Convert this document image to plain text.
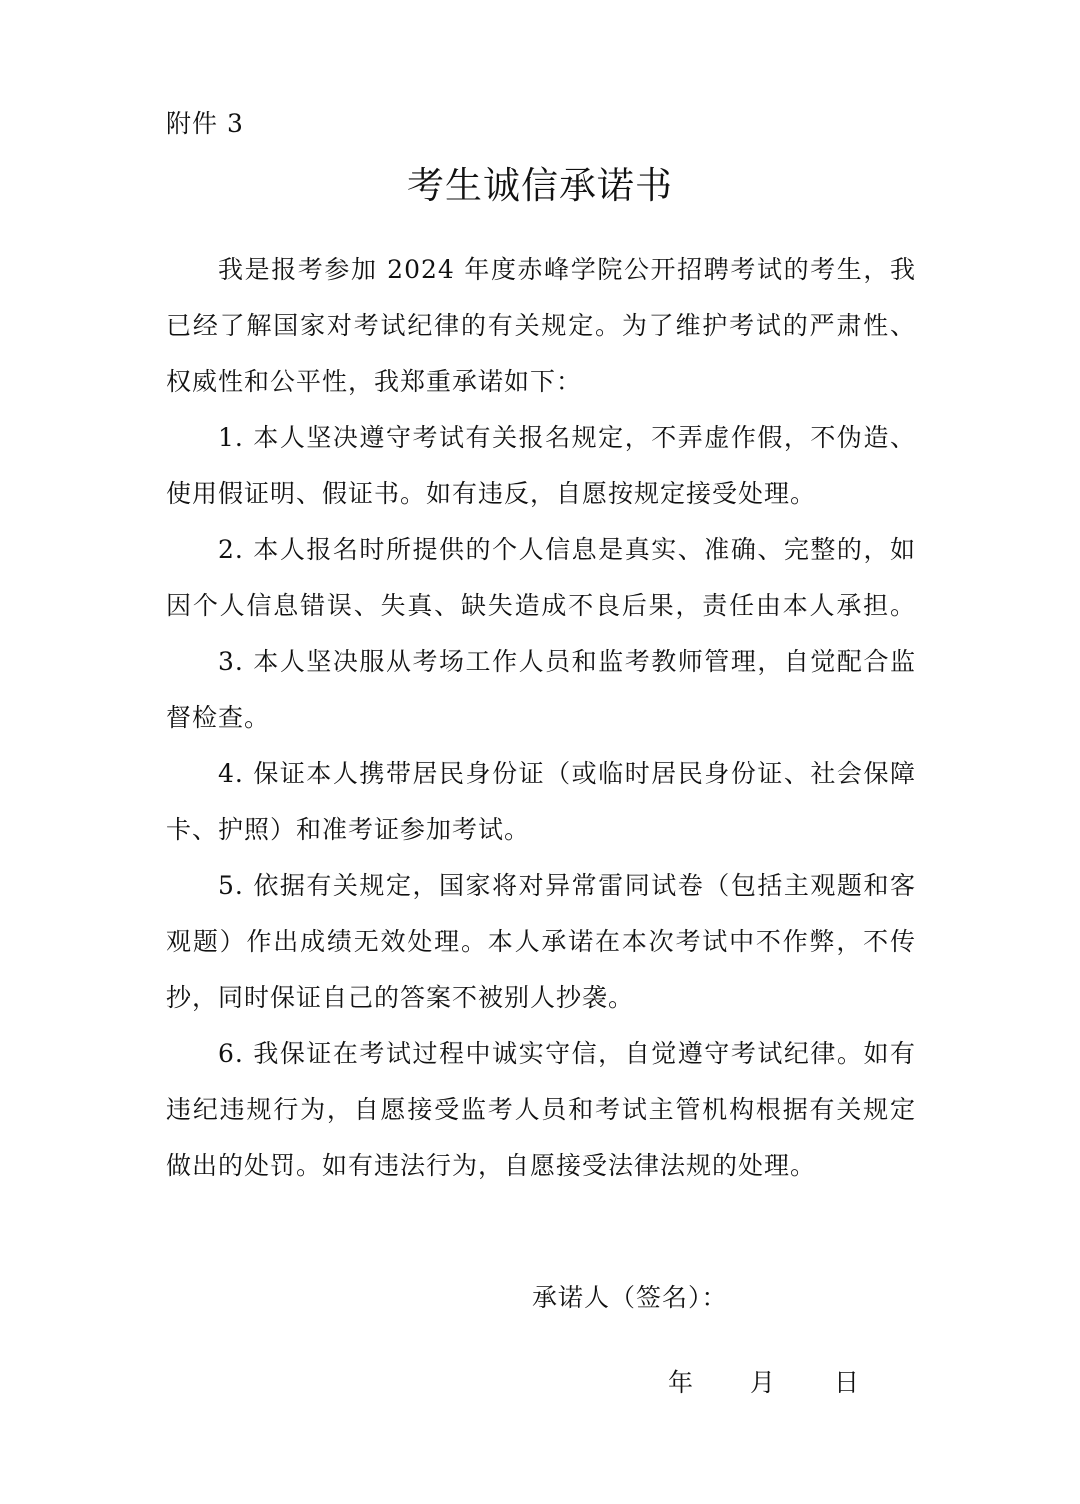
附件 3
考生诚信承诺书
我是报考参加 2024 年度赤峰学院公开招聘考试的考生，我
已经了解国家对考试纪律的有关规定。为了维护考试的严肃性、
权威性和公平性，我郑重承诺如下：
1. 本人坚决遵守考试有关报名规定，不弄虚作假，不伪造、
使用假证明、假证书。如有违反，自愿按规定接受处理。
2. 本人报名时所提供的个人信息是真实、准确、完整的，如
因个人信息错误、失真、缺失造成不良后果，责任由本人承担。
3. 本人坚决服从考场工作人员和监考教师管理，自觉配合监
督检查。
4. 保证本人携带居民身份证（或临时居民身份证、社会保障
卡、护照）和准考证参加考试。
5. 依据有关规定，国家将对异常雷同试卷（包括主观题和客
观题）作出成绩无效处理。本人承诺在本次考试中不作弊，不传
抄，同时保证自己的答案不被别人抄袭。
6. 我保证在考试过程中诚实守信，自觉遵守考试纪律。如有
违纪违规行为，自愿接受监考人员和考试主管机构根据有关规定
做出的处罚。如有违法行为，自愿接受法律法规的处理。
承诺人（签名）：
年 月 日
